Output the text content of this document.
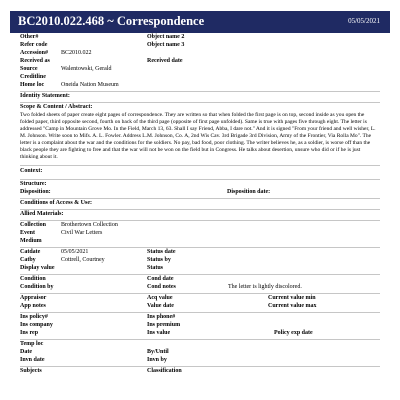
BC2010.022.468 ~ Correspondence	05/05/2021
Other#	Object name 2
Refer code	Object name 3
Accession# BC2010.022
Received as	Received date
Source	Walentowski, Gerald
Creditline
Home loc	Oneida Nation Museum
Identity Statement:
Scope & Content / Abstract:
Two folded sheets of paper create eight pages of correspondence. They are written so that when folded the first page is on top, second inside as you open the folded paper, third opposite second, fourth on back of the third page (opposite of first page unfolded). Same is true with pages five through eight. The letter is addressed "Camp in Mountain Grove Mo. In the Field, March 13, 63. Shall I say Friend, Abba, I dare not." And it is signed "From your friend and well wisher, L. M. Johnson. Write soon to Mifs. A. L. Fowler. Address L.M. Johnson, Co. A, 2nd Wis Cav. 3rd Brigade 3rd Division, Army of the Frontier, Via Rolla Mo". The letter is a complaint about the war and the conditions for the soldiers. No pay, bad food, poor clothing. The writer believes he, as a soldier, is worse off than the black people they are fighting to free and that the war will not be won on the field but in Congress. He talks about desertion, unsure who did or if he is just thinking about it.
Context:
Structure:
Disposition:	Disposition date:
Conditions of Access & Use:
Allied Materials:
Collection	Brothertown Collection
Event	Civil War Letters
Medium
Catdate	05/05/2021	Status date
Catby	Cottrell, Courtney	Status by
Display value	Status
Condition	Cond date
Condition by	Cond notes	The letter is lightly discolored.
Appraisor	Acq value	Current value min
App notes	Value date	Current value max
Ins policy#	Ins phone#
Ins company	Ins premium
Ins rep	Ins value	Policy exp date
Temp loc
Date	By/Until
Invn date	Invn by
Subjects	Classification
